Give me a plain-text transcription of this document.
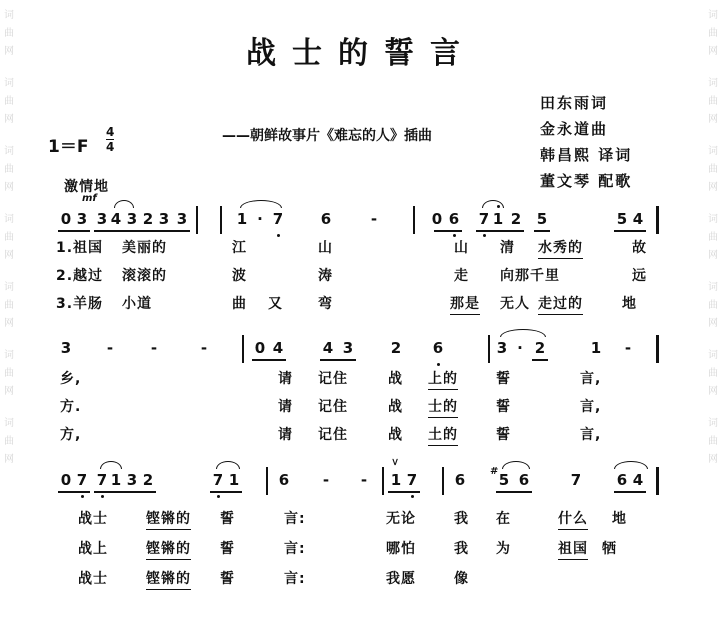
词
曲
网
词
曲
网
词
曲
网
词
曲
网
词
曲
网
词
曲
网
词
曲
网
词
曲
网
词
曲
网
词
曲
网
词
曲
网
词
曲
网
词
曲
网
词
曲
网
战士的誓言
田东雨词
金永道曲
韩昌熙 译词
董文琴 配歌
1＝F
4
4
——朝鲜故事片《难忘的人》插曲
激情地
mf
0 3 3 4 3 2 3 3	1 · 7	6	-	0 6 7 1 2 5	5 4
1.祖国 美丽的	江	山	山 清 水秀的	故
2.越过 滚滚的	波	涛	走 向那千里	远
3.羊肠 小道	曲 又	弯	那是 无人 走过的	地
3	-	-	-	0 4	4 3	2 6	3 · 2	1	-
乡,	请 记住	战 上的	誓	言,
方.	请 记住	战 士的	誓	言,
方,	请 记住	战 土的	誓	言,
0 7 7 1 3 2	7 1	6	-	-	1 7	6 5 6	7 6 4
#
>
战士	铿锵的 誓	言:	无论	我 在	什么 地
战上	铿锵的 誓	言:	哪怕	我 为	祖国 牺
战士	铿锵的 誓	言:	我愿	像
